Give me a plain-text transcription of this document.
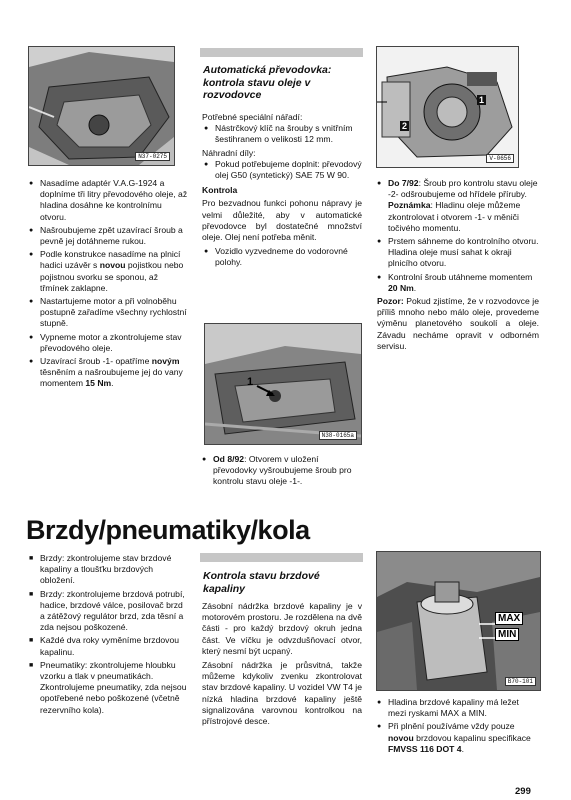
N37-0275
● Nasadíme adaptér V.A.G-1924 a doplníme tři litry převodového oleje, až hladina dosáhne ke kontrolnímu otvoru.
● Našroubujeme zpět uzavírací šroub a pevně jej dotáhneme rukou.
● Podle konstrukce nasadíme na plnicí hadici uzávěr s novou pojistkou nebo pojistnou svorku se sponou, až třmínek zaklapne.
● Nastartujeme motor a při volnoběhu postupně zařadíme všechny rychlostní stupně.
● Vypneme motor a zkontrolujeme stav převodového oleje.
● Uzavírací šroub -1- opatříme novým těsněním a našroubujeme jej do vany momentem 15 Nm.
Automatická převodovka: kontrola stavu oleje v rozvodovce
Potřebné speciální nářadí:
● Nástrčkový klíč na šrouby s vnitřním šestihranem o velikosti 12 mm.
Náhradní díly:
● Pokud potřebujeme doplnit: převodový olej G50 (syntetický) SAE 75 W 90.
Kontrola
Pro bezvadnou funkci pohonu nápravy je velmi důležité, aby v automatické převodovce byl dostatečné množství oleje. Olej není potřeba měnit.
● Vozidlo vyzvedneme do vodorovné polohy.
1
N38-0165a
● Od 8/92: Otvorem v uložení převodovky vyšroubujeme šroub pro kontrolu stavu oleje -1-.
2
1
V-0656
● Do 7/92: Šroub pro kontrolu stavu oleje -2- odšroubujeme od hřídele příruby. Poznámka: Hladinu oleje můžeme zkontrolovat i otvorem -1- v měniči točivého momentu.
● Prstem sáhneme do kontrolního otvoru. Hladina oleje musí sahat k okraji plnicího otvoru.
● Kontrolní šroub utáhneme momentem 20 Nm.
Pozor: Pokud zjistíme, že v rozvodovce je příliš mnoho nebo málo oleje, provedeme výměnu planetového soukolí a oleje. Závadu necháme opravit v odborném servisu.
Brzdy/pneumatiky/kola
■ Brzdy: zkontrolujeme stav brzdové kapaliny a tloušťku brzdových obložení.
■ Brzdy: zkontrolujeme brzdová potrubí, hadice, brzdové válce, posilovač brzd a zátěžový regulátor brzd, zda těsní a zda nejsou poškozené.
■ Každé dva roky vyměníme brzdovou kapalinu.
■ Pneumatiky: zkontrolujeme hloubku vzorku a tlak v pneumatikách. Zkontrolujeme pneumatiky, zda nejsou opotřebené nebo poškozené (včetně rezervního kola).
Kontrola stavu brzdové kapaliny
Zásobní nádržka brzdové kapaliny je v motorovém prostoru. Je rozdělena na dvě části - pro každý brzdový okruh jedna část. Ve víčku je odvzdušňovací otvor, který nesmí být ucpaný.
Zásobní nádržka je průsvitná, takže můžeme kdykoliv zvenku zkontrolovat stav brzdové kapaliny. U vozidel VW T4 je nízká hladina brzdové kapaliny ještě signalizována varovnou kontrolkou na přístrojové desce.
MAX
MIN
B70-101
● Hladina brzdové kapaliny má ležet mezi ryskami MAX a MIN.
● Při plnění používáme vždy pouze novou brzdovou kapalinu specifikace FMVSS 116 DOT 4.
299
